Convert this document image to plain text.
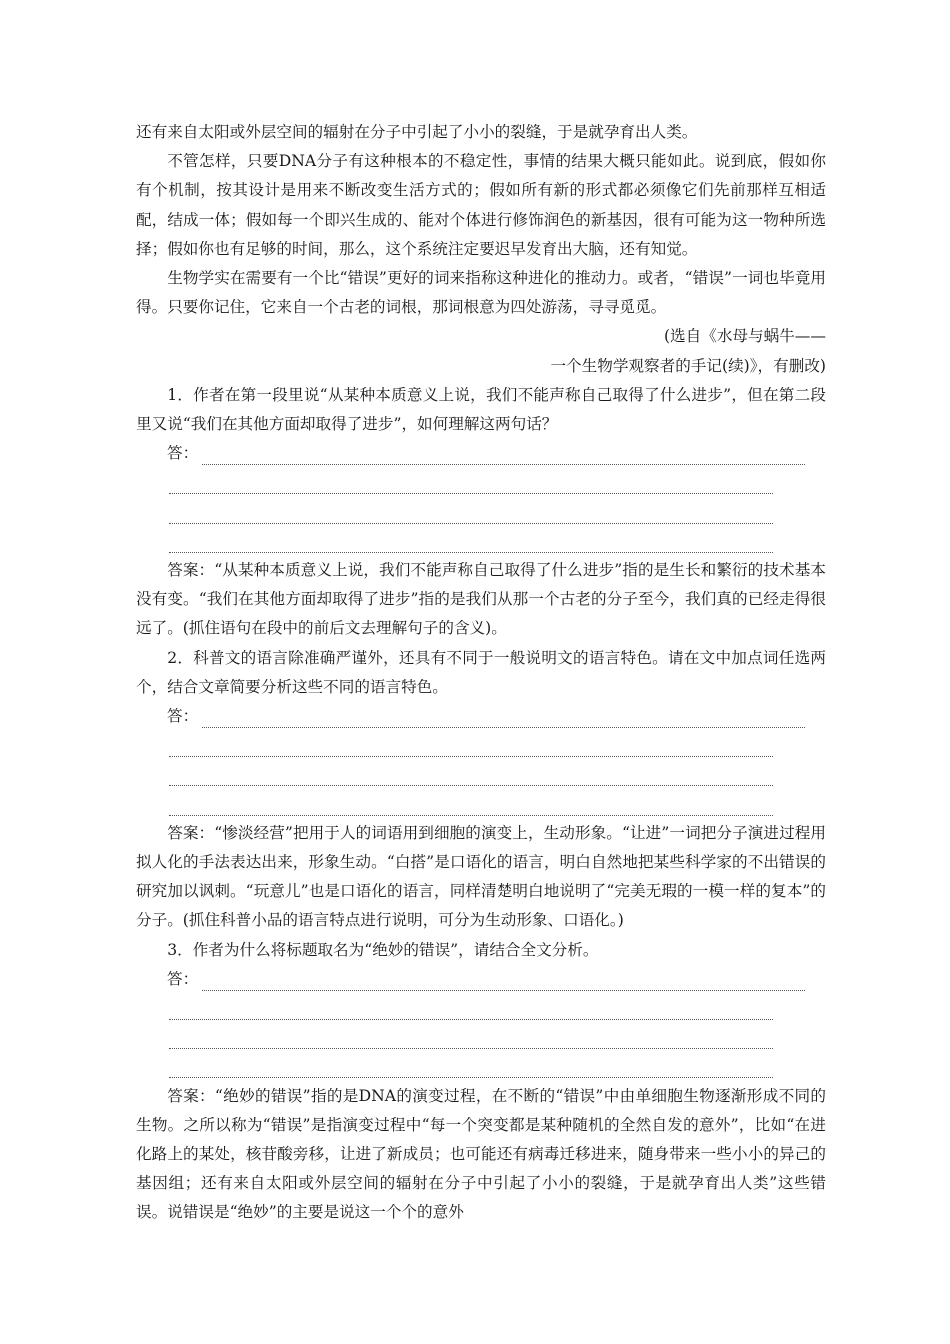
还有来自太阳或外层空间的辐射在分子中引起了小小的裂缝，于是就孕育出人类。

不管怎样，只要DNA分子有这种根本的不稳定性，事情的结果大概只能如此。说到底，假如你有个机制，按其设计是用来不断改变生活方式的；假如所有新的形式都必须像它们先前那样互相适配，结成一体；假如每一个即兴生成的、能对个体进行修饰润色的新基因，很有可能为这一物种所选择；假如你也有足够的时间，那么，这个系统注定要迟早发育出大脑，还有知觉。

生物学实在需要有一个比“错误”更好的词来指称这种进化的推动力。或者，“错误”一词也毕竟用得。只要你记住，它来自一个古老的词根，那词根意为四处游荡，寻寻觅觅。

(选自《水母与蜗牛——

一个生物学观察者的手记(续)》，有删改)

1．作者在第一段里说“从某种本质意义上说，我们不能声称自己取得了什么进步”，但在第二段里又说“我们在其他方面却取得了进步”，如何理解这两句话？

答：

答案：“从某种本质意义上说，我们不能声称自己取得了什么进步”指的是生长和繁衍的技术基本没有变。“我们在其他方面却取得了进步”指的是我们从那一个古老的分子至今，我们真的已经走得很远了。(抓住语句在段中的前后文去理解句子的含义)。

2．科普文的语言除准确严谨外，还具有不同于一般说明文的语言特色。请在文中加点词任选两个，结合文章简要分析这些不同的语言特色。

答：

答案：“惨淡经营”把用于人的词语用到细胞的演变上，生动形象。“让进”一词把分子演进过程用拟人化的手法表达出来，形象生动。“白搭”是口语化的语言，明白自然地把某些科学家的不出错误的研究加以讽刺。“玩意儿”也是口语化的语言，同样清楚明白地说明了“完美无瑕的一模一样的复本”的分子。(抓住科普小品的语言特点进行说明，可分为生动形象、口语化。)

3．作者为什么将标题取名为“绝妙的错误”，请结合全文分析。

答：

答案：“绝妙的错误”指的是DNA的演变过程，在不断的“错误”中由单细胞生物逐渐形成不同的生物。之所以称为“错误”是指演变过程中“每一个突变都是某种随机的全然自发的意外”，比如“在进化路上的某处，核苷酸旁移，让进了新成员；也可能还有病毒迁移进来，随身带来一些小小的异己的基因组；还有来自太阳或外层空间的辐射在分子中引起了小小的裂缝，于是就孕育出人类”这些错误。说错误是“绝妙”的主要是说这一个个的意外
